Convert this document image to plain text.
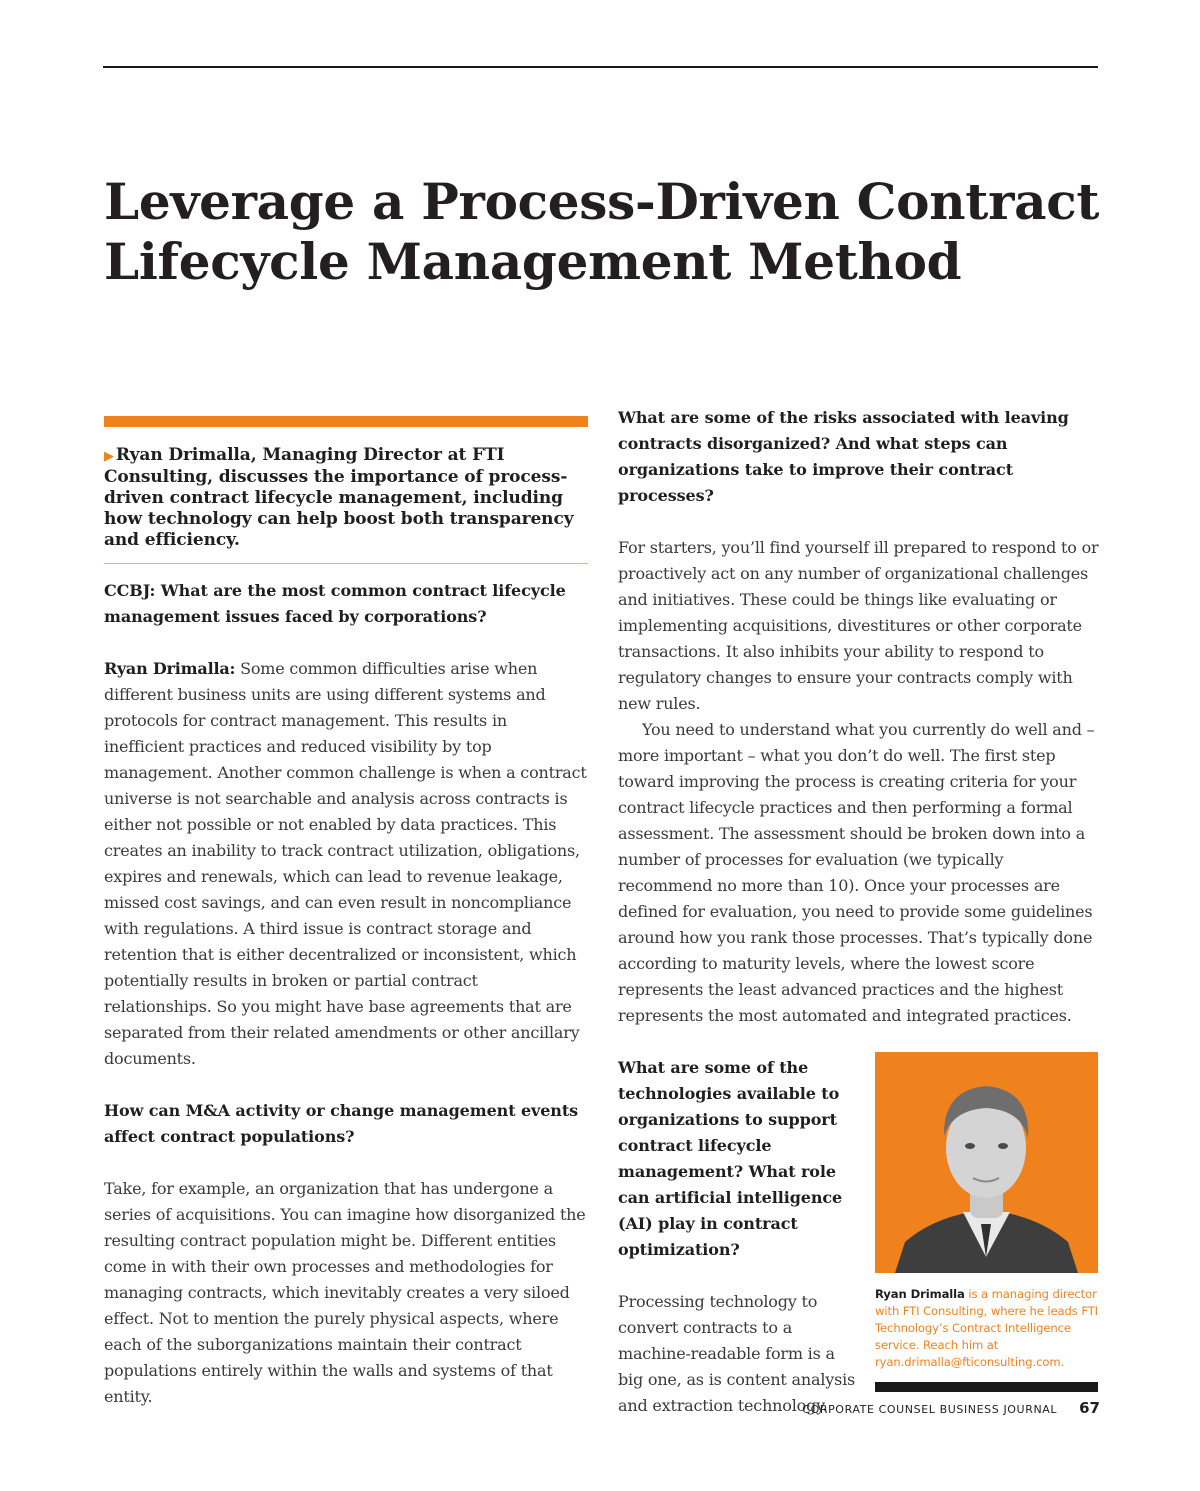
Leverage a Process-Driven Contract
Lifecycle Management Method
▶ Ryan Drimalla, Managing Director at FTI Consulting, discusses the importance of process-driven contract lifecycle management, including how technology can help boost both transparency and efficiency.

CCBJ: What are the most common contract lifecycle management issues faced by corporations?

Ryan Drimalla: Some common difficulties arise when different business units are using different systems and protocols for contract management. This results in inefficient practices and reduced visibility by top management. Another common challenge is when a contract universe is not searchable and analysis across contracts is either not possible or not enabled by data practices. This creates an inability to track contract utilization, obligations, expires and renewals, which can lead to revenue leakage, missed cost savings, and can even result in noncompliance with regulations. A third issue is contract storage and retention that is either decentralized or inconsistent, which potentially results in broken or partial contract relationships. So you might have base agreements that are separated from their related amendments or other ancillary documents.

How can M&A activity or change management events affect contract populations?

Take, for example, an organization that has undergone a series of acquisitions. You can imagine how disorganized the resulting contract population might be. Different entities come in with their own processes and methodologies for managing contracts, which inevitably creates a very siloed effect. Not to mention the purely physical aspects, where each of the suborganizations maintain their contract populations entirely within the walls and systems of that entity.

What are some of the risks associated with leaving contracts disorganized? And what steps can organizations take to improve their contract processes?

For starters, you’ll find yourself ill prepared to respond to or proactively act on any number of organizational challenges and initiatives. These could be things like evaluating or implementing acquisitions, divestitures or other corporate transactions. It also inhibits your ability to respond to regulatory changes to ensure your contracts comply with new rules.

You need to understand what you currently do well and – more important – what you don’t do well. The first step toward improving the process is creating criteria for your contract lifecycle practices and then performing a formal assessment. The assessment should be broken down into a number of processes for evaluation (we typically recommend no more than 10). Once your processes are defined for evaluation, you need to provide some guidelines around how you rank those processes. That’s typically done according to maturity levels, where the lowest score represents the least advanced practices and the highest represents the most automated and integrated practices.

What are some of the technologies available to organizations to support contract lifecycle management? What role can artificial intelligence (AI) play in contract optimization?

Processing technology to convert contracts to a machine-readable form is a big one, as is content analysis and extraction technology.

Ryan Drimalla is a managing director with FTI Consulting, where he leads FTI Technology’s Contract Intelligence service. Reach him at ryan.drimalla@fticonsulting.com.
CORPORATE COUNSEL BUSINESS JOURNAL 67
